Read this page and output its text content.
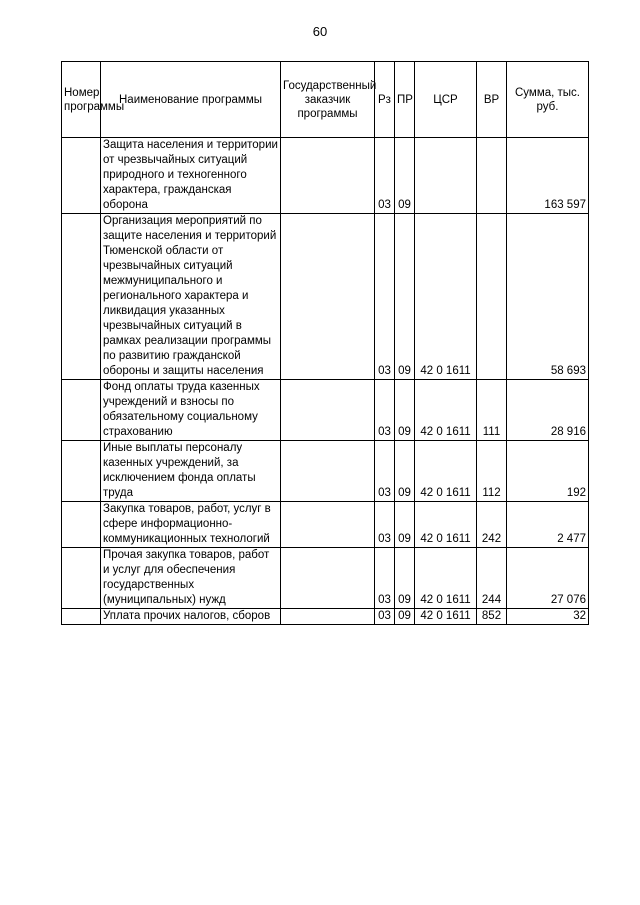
60
Номер программы	Наименование программы	Государственный заказчик программы	Рз	ПР	ЦСР	ВР	Сумма, тыс. руб.
	Защита населения и территории от чрезвычайных ситуаций природного и техногенного характера, гражданская оборона		03	09			163 597
	Организация мероприятий по защите населения и территорий Тюменской области от чрезвычайных ситуаций межмуниципального и регионального характера и ликвидация указанных чрезвычайных ситуаций в рамках реализации программы по развитию гражданской обороны и защиты населения		03	09	42 0 1611		58 693
	Фонд оплаты труда казенных учреждений и взносы по обязательному социальному страхованию		03	09	42 0 1611	111	28 916
	Иные выплаты персоналу казенных учреждений, за исключением фонда оплаты труда		03	09	42 0 1611	112	192
	Закупка товаров, работ, услуг в сфере информационно-коммуникационных технологий		03	09	42 0 1611	242	2 477
	Прочая закупка товаров, работ и услуг для обеспечения государственных (муниципальных) нужд		03	09	42 0 1611	244	27 076
	Уплата прочих налогов, сборов		03	09	42 0 1611	852	32
